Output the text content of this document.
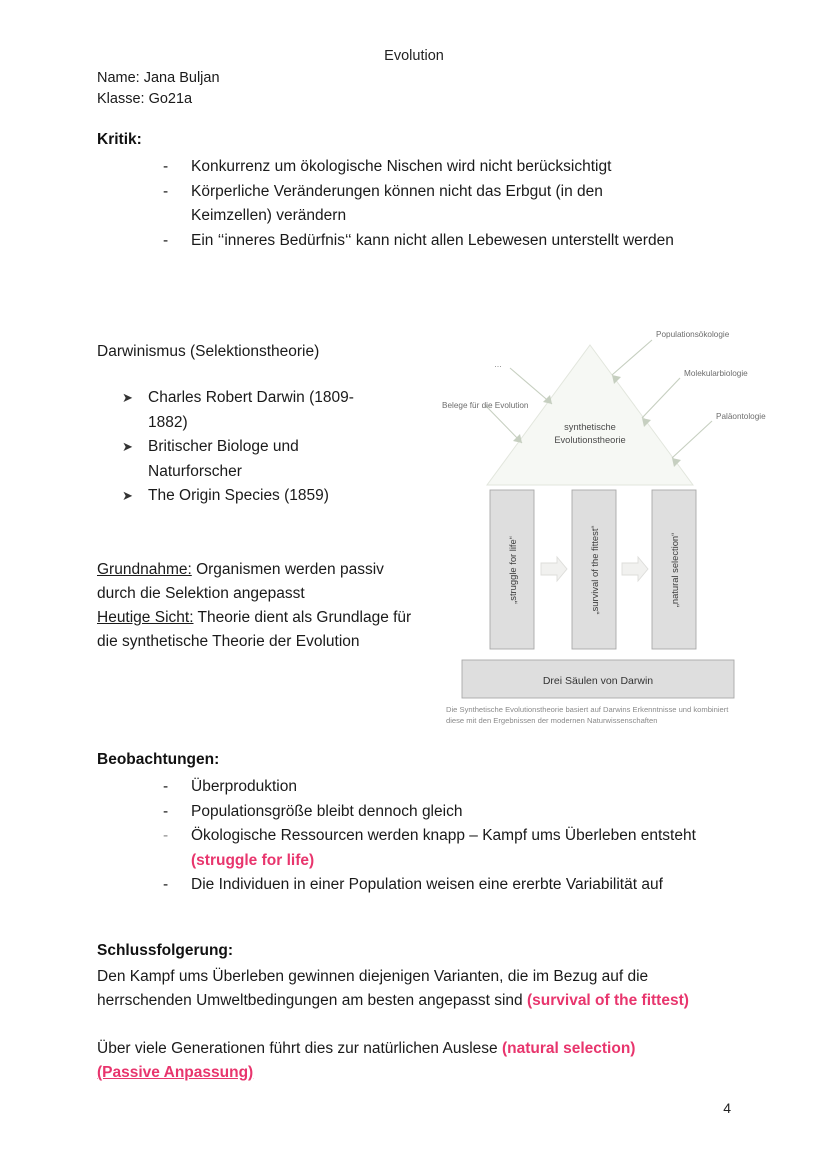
Evolution
Name: Jana Buljan
Klasse: Go21a
Kritik:
-	Konkurrenz um ökologische Nischen wird nicht berücksichtigt
-	Körperliche Veränderungen können nicht das Erbgut (in den Keimzellen) verändern
-	Ein ‘‘inneres Bedürfnis‘‘ kann nicht allen Lebewesen unterstellt werden
Darwinismus (Selektionstheorie)
➤ Charles Robert Darwin (1809-1882)
➤ Britischer Biologe und Naturforscher
➤ The Origin Species (1859)
Grundnahme: Organismen werden passiv durch die Selektion angepasst
Heutige Sicht: Theorie dient als Grundlage für die synthetische Theorie der Evolution
synthetische
Evolutionstheorie
...
Belege für die Evolution
Populationsökologie
Molekularbiologie
Paläontologie
„struggle for life“	„survival of the fittest“	„natural selection“
Drei Säulen von Darwin
Die Synthetische Evolutionstheorie basiert auf Darwins Erkenntnisse und kombiniert
diese mit den Ergebnissen der modernen Naturwissenschaften
Beobachtungen:
-	Überproduktion
-	Populationsgröße bleibt dennoch gleich
-	Ökologische Ressourcen werden knapp – Kampf ums Überleben entsteht (struggle for life)
-	Die Individuen in einer Population weisen eine ererbte Variabilität auf
Schlussfolgerung:
Den Kampf ums Überleben gewinnen diejenigen Varianten, die im Bezug auf die herrschenden Umweltbedingungen am besten angepasst sind (survival of the fittest)
Über viele Generationen führt dies zur natürlichen Auslese (natural selection)
(Passive Anpassung)
4
